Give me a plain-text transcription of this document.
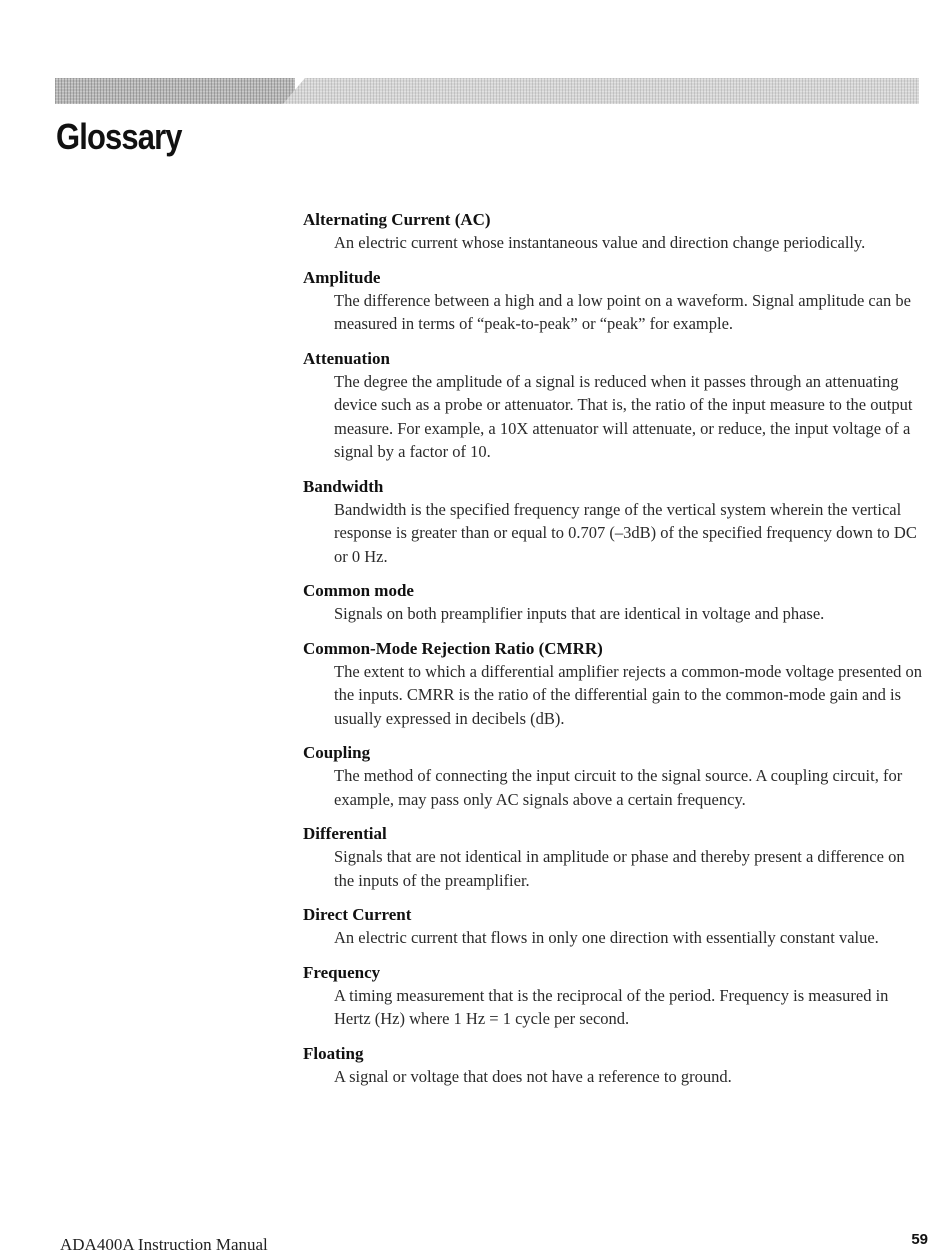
Glossary
Alternating Current (AC)
An electric current whose instantaneous value and direction change periodically.
Amplitude
The difference between a high and a low point on a waveform. Signal amplitude can be measured in terms of “peak-to-peak” or “peak” for example.
Attenuation
The degree the amplitude of a signal is reduced when it passes through an attenuating device such as a probe or attenuator. That is, the ratio of the input measure to the output measure. For example, a 10X attenuator will attenuate, or reduce, the input voltage of a signal by a factor of 10.
Bandwidth
Bandwidth is the specified frequency range of the vertical system wherein the vertical response is greater than or equal to 0.707 (–3dB) of the specified frequency down to DC or 0 Hz.
Common mode
Signals on both preamplifier inputs that are identical in voltage and phase.
Common-Mode Rejection Ratio (CMRR)
The extent to which a differential amplifier rejects a common-mode voltage presented on the inputs. CMRR is the ratio of the differential gain to the common-mode gain and is usually expressed in decibels (dB).
Coupling
The method of connecting the input circuit to the signal source. A coupling circuit, for example, may pass only AC signals above a certain frequency.
Differential
Signals that are not identical in amplitude or phase and thereby present a difference on the inputs of the preamplifier.
Direct Current
An electric current that flows in only one direction with essentially constant value.
Frequency
A timing measurement that is the reciprocal of the period. Frequency is measured in Hertz (Hz) where 1 Hz = 1 cycle per second.
Floating
A signal or voltage that does not have a reference to ground.
ADA400A Instruction Manual	59
